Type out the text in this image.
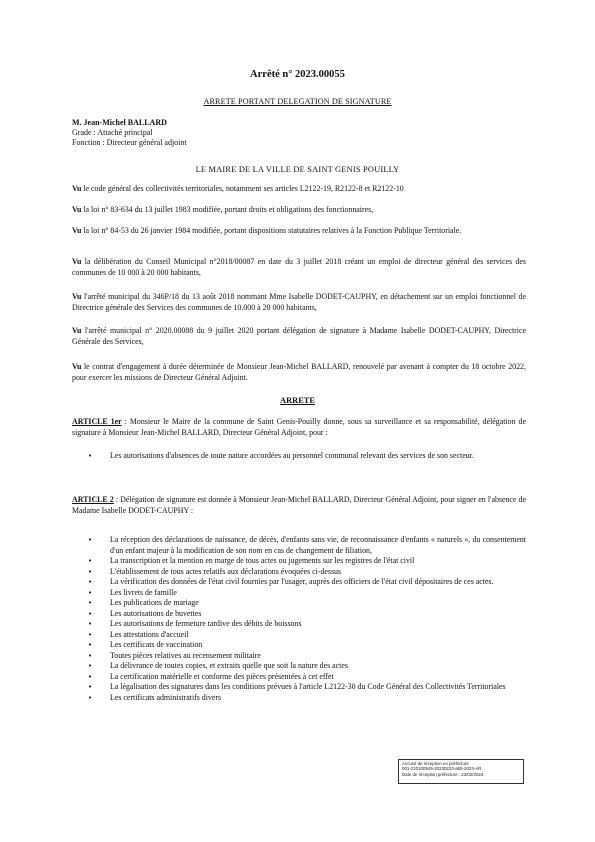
Arrêté n° 2023.00055
ARRETE PORTANT DELEGATION DE SIGNATURE
M. Jean-Michel BALLARD
Grade : Attaché principal
Fonction : Directeur général adjoint
LE MAIRE DE LA VILLE DE SAINT GENIS POUILLY
Vu le code général des collectivités territoriales, notamment ses articles L2122-19, R2122-8 et R2122-10
Vu la loi n° 83-634 du 13 juillet 1983 modifiée, portant droits et obligations des fonctionnaires,
Vu la loi n° 84-53 du 26 janvier 1984 modifiée, portant dispositions statutaires relatives à la Fonction Publique Territoriale.
Vu la délibération du Conseil Municipal n°2018/00087 en date du 3 juillet 2018 créant un emploi de directeur général des services des communes de 10 000 à 20 000 habitants,
Vu l'arrêté municipal du 346P/18 du 13 août 2018 nommant Mme Isabelle DODET-CAUPHY, en détachement sur un emploi fonctionnel de Directrice générale des Services des communes de 10.000 à 20 000 habitants,
Vu l'arrêté municipal n° 2020.00088 du 9 juillet 2020 portant délégation de signature à Madame Isabelle DODET-CAUPHY, Directrice Générale des Services,
Vu le contrat d'engagement à durée déterminée de Monsieur Jean-Michel BALLARD, renouvelé par avenant à compter du 18 octobre 2022, pour exercer les missions de Directeur Général Adjoint.
ARRETE
ARTICLE 1er : Monsieur le Maire de la commune de Saint Genis-Pouilly donne, sous sa surveillance et sa responsabilité, délégation de signature à Monsieur Jean-Michel BALLARD, Directeur Général Adjoint, pour :
• Les autorisations d'absences de toute nature accordées au personnel communal relevant des services de son secteur.
ARTICLE 2 : Délégation de signature est donnée à Monsieur Jean-Michel BALLARD, Directeur Général Adjoint, pour signer en l'absence de Madame Isabelle DODET-CAUPHY :
• La réception des déclarations de naissance, de décès, d'enfants sans vie, de reconnaissance d'enfants « naturels », du consentement d'un enfant majeur à la modification de son nom en cas de changement de filiation,
• La transcription et la mention en marge de tous actes ou jugements sur les registres de l'état civil
• L'établissement de tous actes relatifs aux déclarations évoquées ci-dessus
• La vérification des données de l'état civil fournies par l'usager, auprès des officiers de l'état civil dépositaires de ces actes.
• Les livrets de famille
• Les publications de mariage
• Les autorisations de buvettes
• Les autorisations de fermeture tardive des débits de boissons
• Les attestations d'accueil
• Les certificats de vaccination
• Toutes pièces relatives au recensement militaire
• La délivrance de toutes copies, et extraits quelle que soit la nature des actes
• La certification matérielle et conforme des pièces présentées à cet effet
• La légalisation des signatures dans les conditions prévues à l'article L2122-30 du Code Général des Collectivités Territoriales
• Les certificats administratifs divers
Accusé de réception en préfecture
001-210100545-20230223-a55-2023-AR
Date de réception préfecture : 23/02/2023
